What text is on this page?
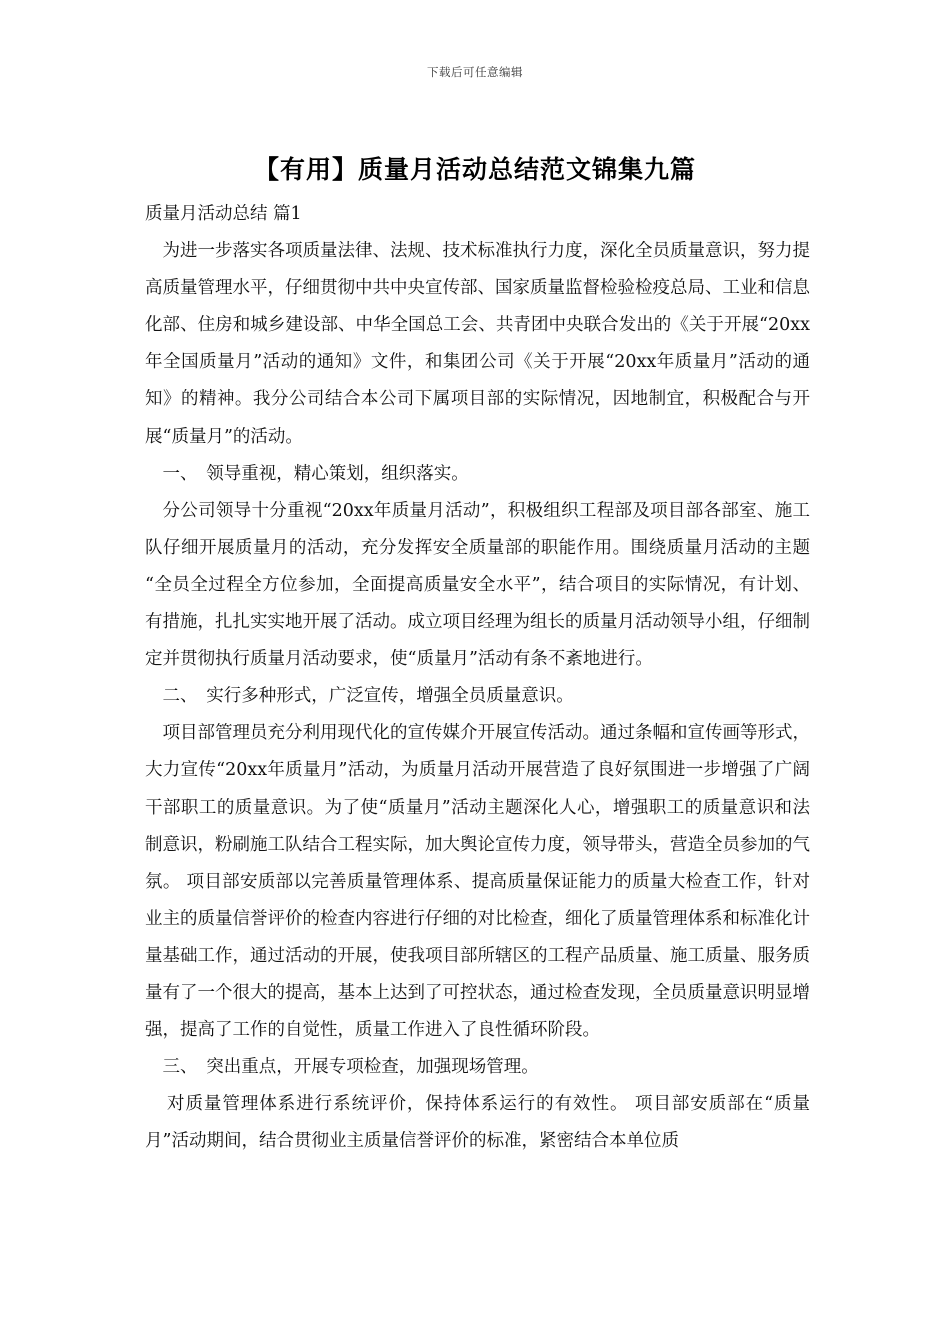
下载后可任意编辑
【有用】质量月活动总结范文锦集九篇

质量月活动总结 篇1

为进一步落实各项质量法律、法规、技术标准执行力度，深化全员质量意识，努力提高质量管理水平，仔细贯彻中共中央宣传部、国家质量监督检验检疫总局、工业和信息化部、住房和城乡建设部、中华全国总工会、共青团中央联合发出的《关于开展“20xx年全国质量月”活动的通知》文件，和集团公司《关于开展“20xx年质量月”活动的通知》的精神。我分公司结合本公司下属项目部的实际情况，因地制宜，积极配合与开展“质量月”的活动。

一、　领导重视，精心策划，组织落实。

分公司领导十分重视“20xx年质量月活动”，积极组织工程部及项目部各部室、施工队仔细开展质量月的活动，充分发挥安全质量部的职能作用。围绕质量月活动的主题 “全员全过程全方位参加，全面提高质量安全水平”，结合项目的实际情况，有计划、有措施，扎扎实实地开展了活动。成立项目经理为组长的质量月活动领导小组，仔细制定并贯彻执行质量月活动要求，使“质量月”活动有条不紊地进行。

二、　实行多种形式，广泛宣传，增强全员质量意识。

项目部管理员充分利用现代化的宣传媒介开展宣传活动。通过条幅和宣传画等形式，大力宣传“20xx年质量月”活动，为质量月活动开展营造了良好氛围进一步增强了广阔干部职工的质量意识。为了使“质量月”活动主题深化人心，增强职工的质量意识和法制意识，粉刷施工队结合工程实际，加大舆论宣传力度，领导带头，营造全员参加的气氛。 项目部安质部以完善质量管理体系、提高质量保证能力的质量大检查工作，针对业主的质量信誉评价的检查内容进行仔细的对比检查，细化了质量管理体系和标准化计量基础工作，通过活动的开展，使我项目部所辖区的工程产品质量、施工质量、服务质量有了一个很大的提高，基本上达到了可控状态，通过检查发现，全员质量意识明显增强，提高了工作的自觉性，质量工作进入了良性循环阶段。

三、　突出重点，开展专项检查，加强现场管理。

对质量管理体系进行系统评价，保持体系运行的有效性。 项目部安质部在“质量月”活动期间，结合贯彻业主质量信誉评价的标准，紧密结合本单位质
